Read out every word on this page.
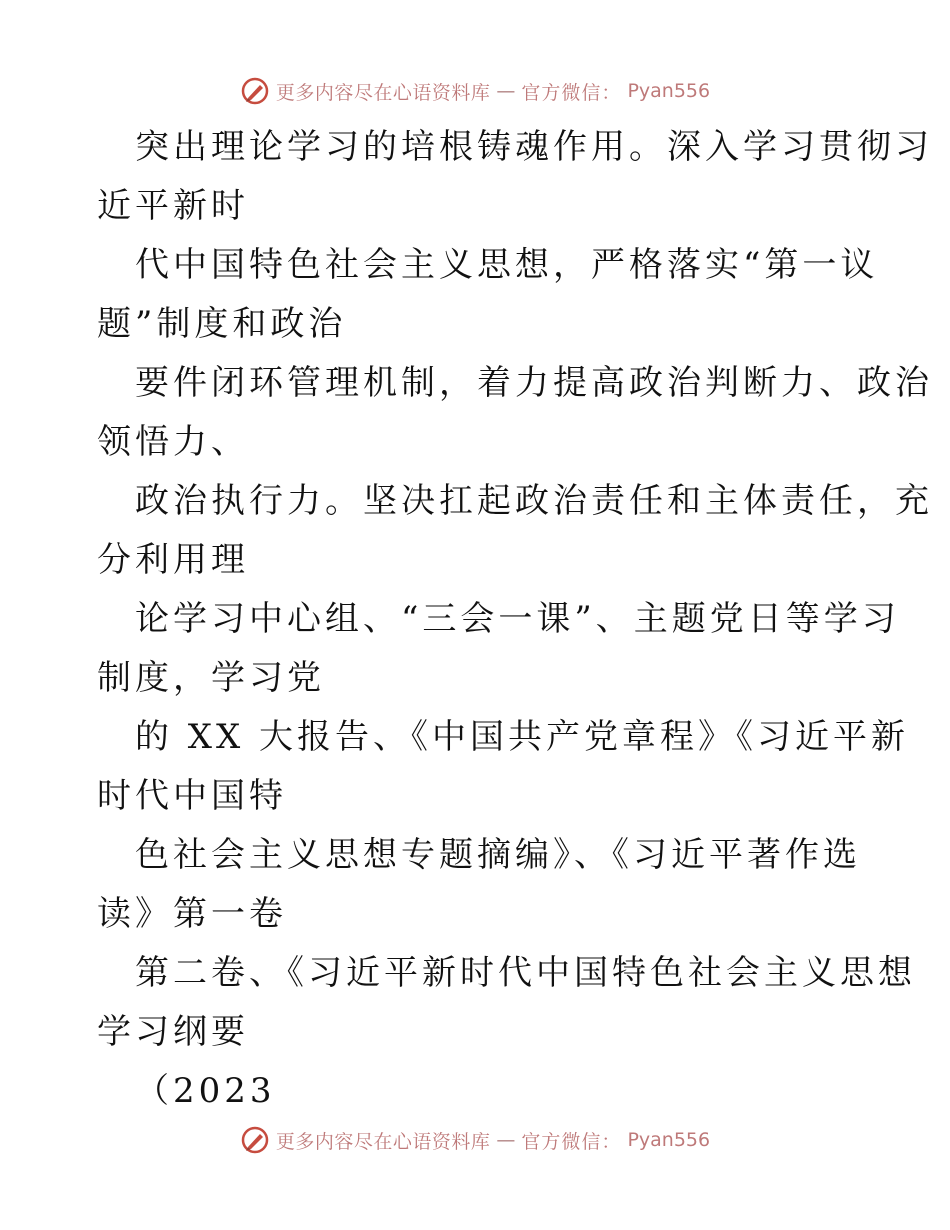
更多内容尽在心语资料库 — 官方微信： Pyan556
突出理论学习的培根铸魂作用。深入学习贯彻习
近平新时
代中国特色社会主义思想，严格落实“第一议
题”制度和政治
要件闭环管理机制，着力提高政治判断力、政治
领悟力、
政治执行力。坚决扛起政治责任和主体责任，充
分利用理
论学习中心组、“三会一课”、主题党日等学习
制度，学习党
的 XX 大报告、《中国共产党章程》《习近平新
时代中国特
色社会主义思想专题摘编》、《习近平著作选
读》第一卷
第二卷、《习近平新时代中国特色社会主义思想
学习纲要
（2023
更多内容尽在心语资料库 — 官方微信： Pyan556
